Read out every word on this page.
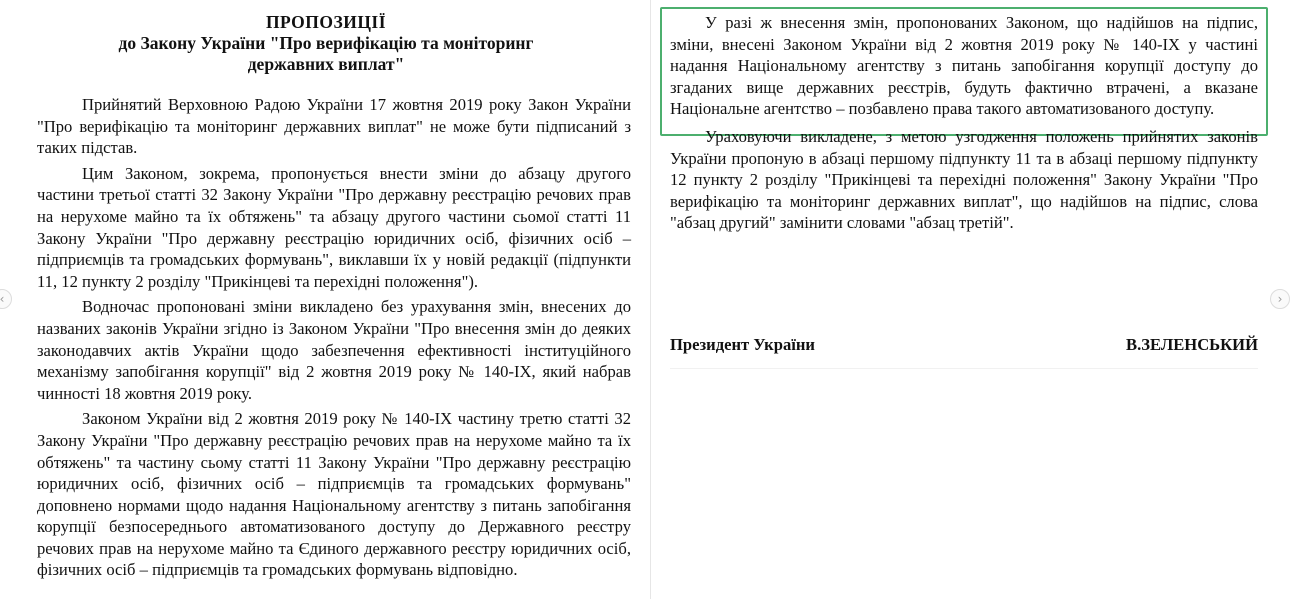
ПРОПОЗИЦІЇ
до Закону України "Про верифікацію та моніторинг
державних виплат"

Прийнятий Верховною Радою України 17 жовтня 2019 року Закон України "Про верифікацію та моніторинг державних виплат" не може бути підписаний з таких підстав.

Цим Законом, зокрема, пропонується внести зміни до абзацу другого частини третьої статті 32 Закону України "Про державну реєстрацію речових прав на нерухоме майно та їх обтяжень" та абзацу другого частини сьомої статті 11 Закону України "Про державну реєстрацію юридичних осіб, фізичних осіб – підприємців та громадських формувань", виклавши їх у новій редакції (підпункти 11, 12 пункту 2 розділу "Прикінцеві та перехідні положення").

Водночас пропоновані зміни викладено без урахування змін, внесених до названих законів України згідно із Законом України "Про внесення змін до деяких законодавчих актів України щодо забезпечення ефективності інституційного механізму запобігання корупції" від 2 жовтня 2019 року № 140-IX, який набрав чинності 18 жовтня 2019 року.

Законом України від 2 жовтня 2019 року № 140-IX частину третю статті 32 Закону України "Про державну реєстрацію речових прав на нерухоме майно та їх обтяжень" та частину сьому статті 11 Закону України "Про державну реєстрацію юридичних осіб, фізичних осіб – підприємців та громадських формувань" доповнено нормами щодо надання Національному агентству з питань запобігання корупції безпосереднього автоматизованого доступу до Державного реєстру речових прав на нерухоме майно та Єдиного державного реєстру юридичних осіб, фізичних осіб – підприємців та громадських формувань відповідно.

У разі ж внесення змін, пропонованих Законом, що надійшов на підпис, зміни, внесені Законом України від 2 жовтня 2019 року № 140-IX у частині надання Національному агентству з питань запобігання корупції доступу до згаданих вище державних реєстрів, будуть фактично втрачені, а вказане Національне агентство – позбавлено права такого автоматизованого доступу.

Ураховуючи викладене, з метою узгодження положень прийнятих законів України пропоную в абзаці першому підпункту 11 та в абзаці першому підпункту 12 пункту 2 розділу "Прикінцеві та перехідні положення" Закону України "Про верифікацію та моніторинг державних виплат", що надійшов на підпис, слова "абзац другий" замінити словами "абзац третій".

Президент України	В.ЗЕЛЕНСЬКИЙ
‹	›
